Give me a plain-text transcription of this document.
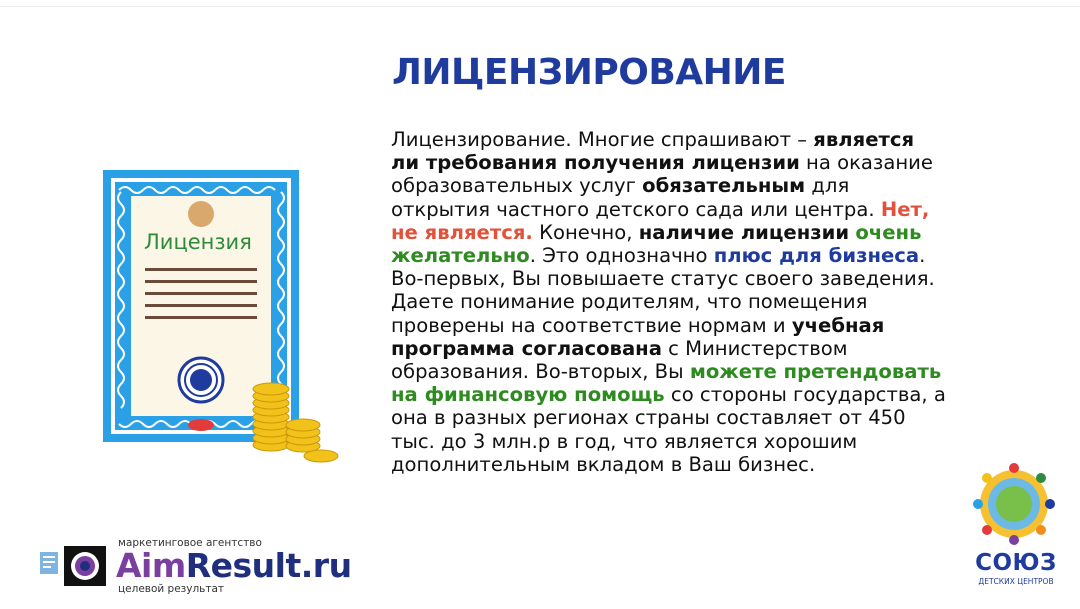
ЛИЦЕНЗИРОВАНИЕ
Лицензия
Лицензирование. Многие спрашивают – является ли требования получения лицензии на оказание образовательных услуг обязательным для открытия частного детского сада или центра. Нет, не является. Конечно, наличие лицензии очень желательно. Это однозначно плюс для бизнеса. Во-первых, Вы повышаете статус своего заведения. Даете понимание родителям, что помещения проверены на соответствие нормам и учебная программа согласована с Министерством образования. Во-вторых, Вы можете претендовать на финансовую помощь со стороны государства, а она в разных регионах страны составляет от 450 тыс. до 3 млн.р в год, что является хорошим дополнительным вкладом в Ваш бизнес.
маркетинговое агентство
AimResult.ru
целевой результат
СОЮЗ
ДЕТСКИХ ЦЕНТРОВ
